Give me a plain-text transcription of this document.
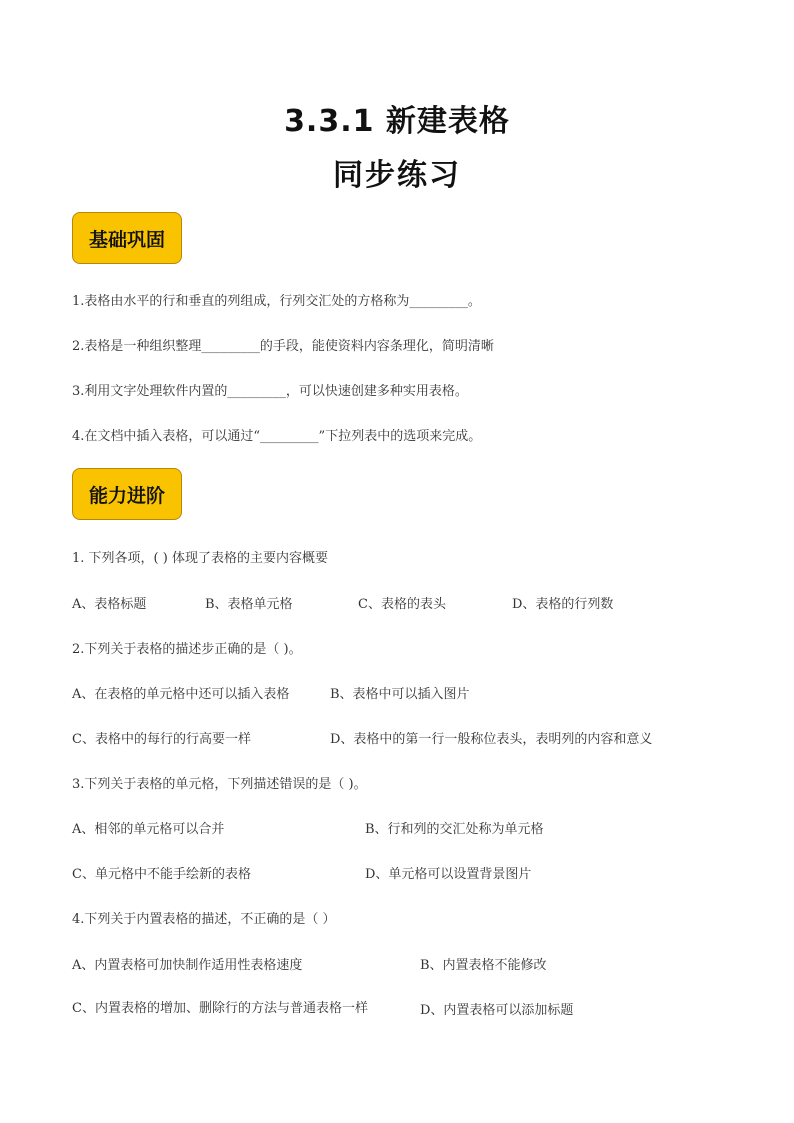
3.3.1 新建表格
同步练习
基础巩固
1.表格由水平的行和垂直的列组成，行列交汇处的方格称为_________。
2.表格是一种组织整理_________的手段，能使资料内容条理化，简明清晰
3.利用文字处理软件内置的_________，可以快速创建多种实用表格。
4.在文档中插入表格，可以通过“_________”下拉列表中的选项来完成。
能力进阶
1. 下列各项，( ) 体现了表格的主要内容概要
A、表格标题	B、表格单元格	C、表格的表头	D、表格的行列数
2.下列关于表格的描述步正确的是（ )。
A、在表格的单元格中还可以插入表格	B、表格中可以插入图片
C、表格中的每行的行高要一样	D、表格中的第一行一般称位表头，表明列的内容和意义
3.下列关于表格的单元格，下列描述错误的是（ )。
A、相邻的单元格可以合并	B、行和列的交汇处称为单元格
C、单元格中不能手绘新的表格	D、单元格可以设置背景图片
4.下列关于内置表格的描述，不正确的是（ ）
A、内置表格可加快制作适用性表格速度	B、内置表格不能修改
C、内置表格的增加、删除行的方法与普通表格一样	D、内置表格可以添加标题
